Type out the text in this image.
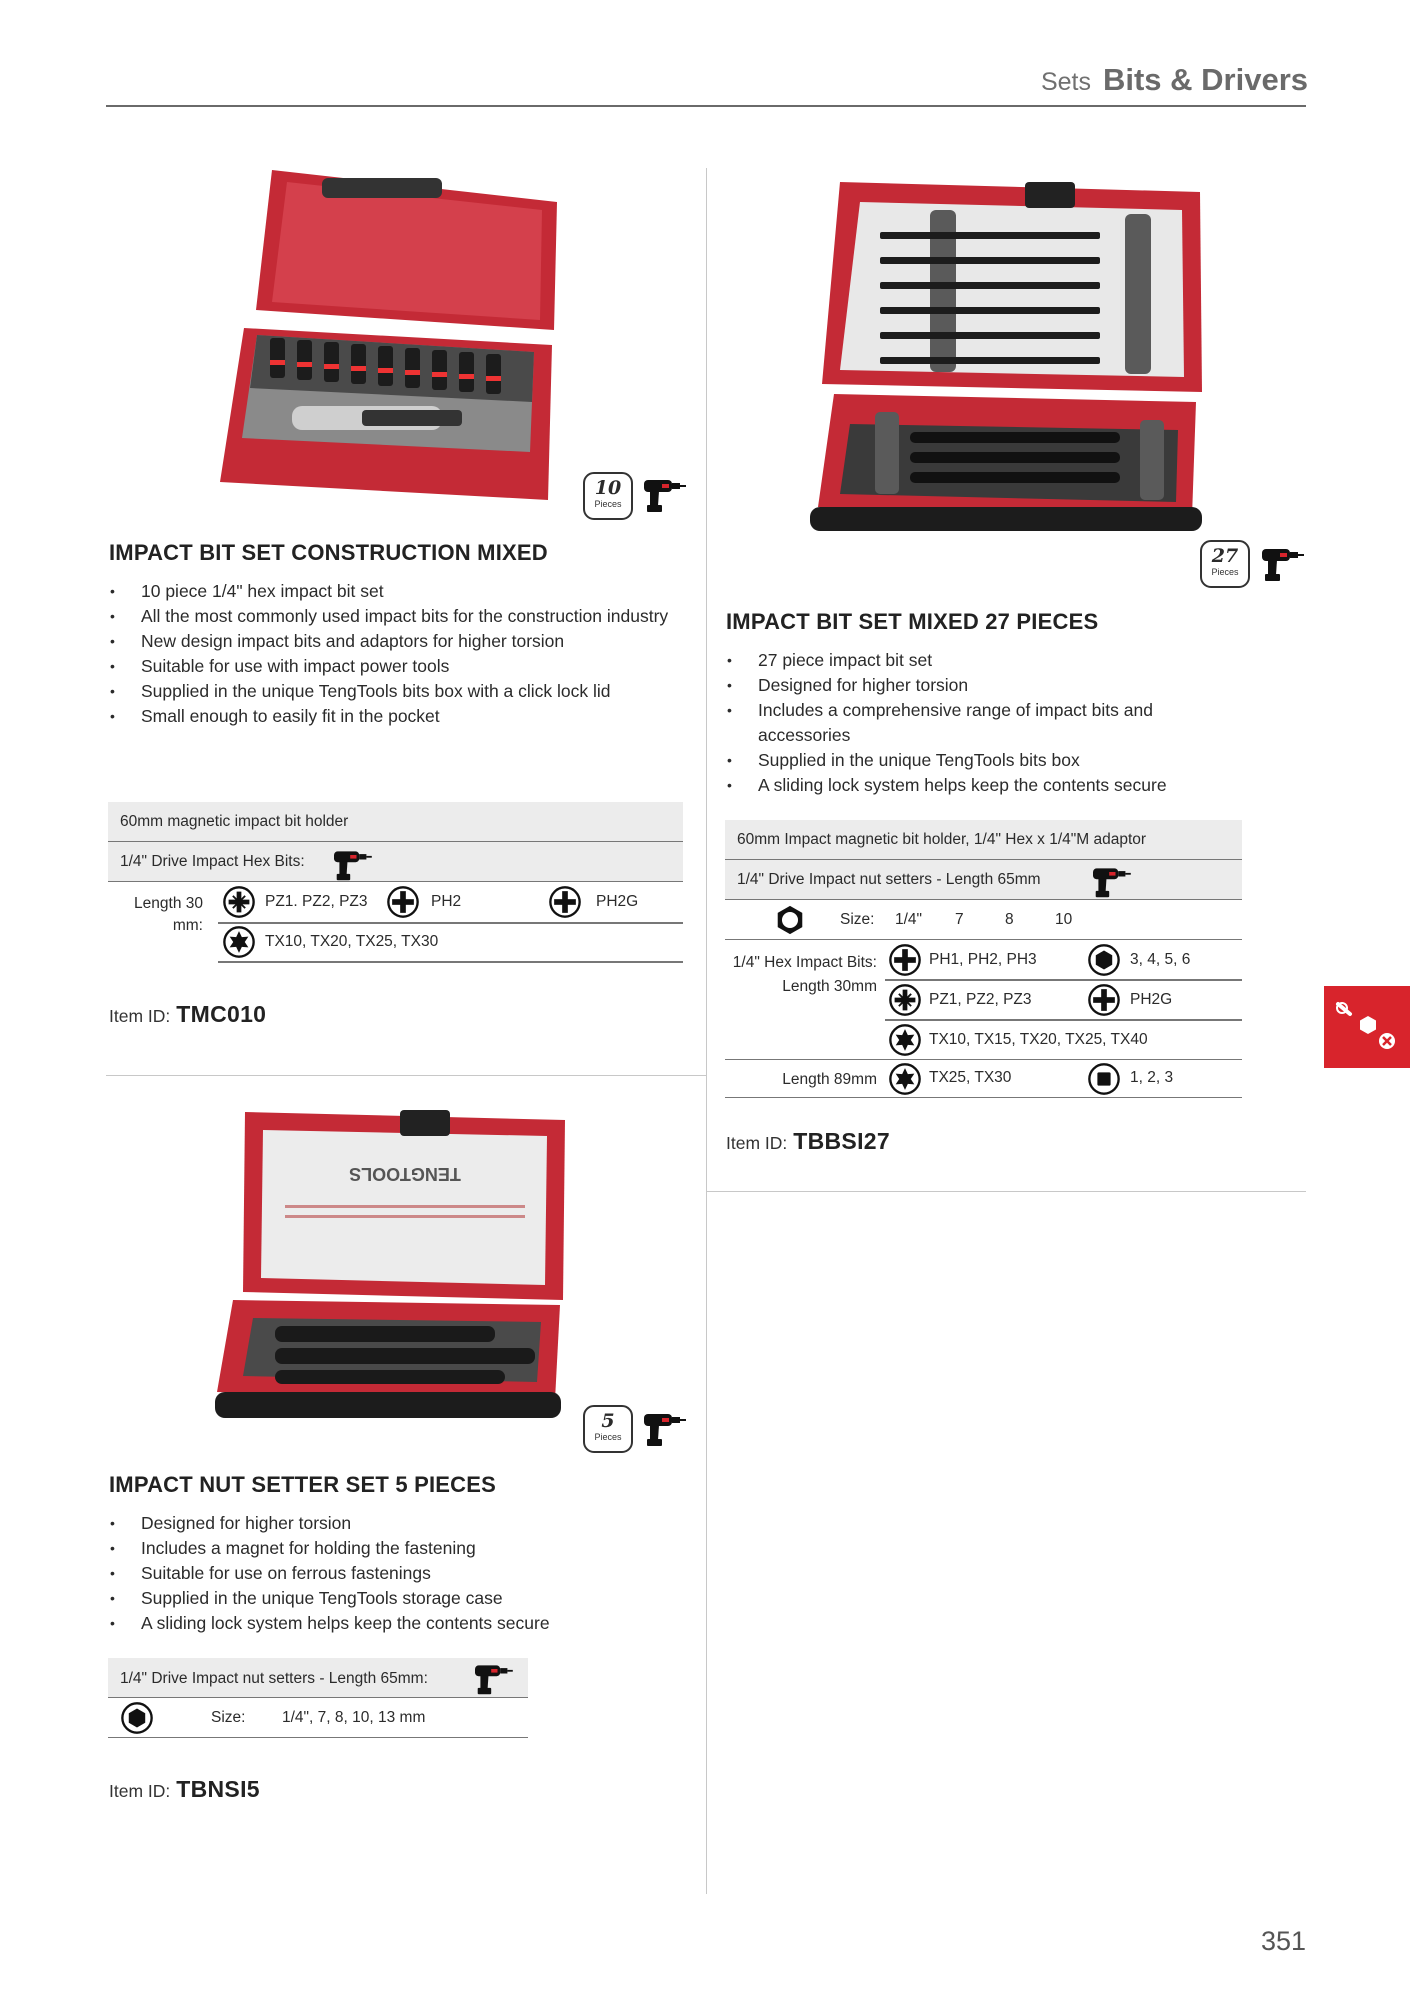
Sets Bits & Drivers
10
Pieces
IMPACT BIT SET CONSTRUCTION MIXED
• 10 piece 1/4" hex impact bit set
• All the most commonly used impact bits for the construction industry
• New design impact bits and adaptors for higher torsion
• Suitable for use with impact power tools
• Supplied in the unique TengTools bits box with a click lock lid
• Small enough to easily fit in the pocket
60mm magnetic impact bit holder
1/4" Drive Impact Hex Bits:
Length 30 mm:
PZ1. PZ2, PZ3	PH2	PH2G
TX10, TX20, TX25, TX30
Item ID: TMC010
27
Pieces
IMPACT BIT SET MIXED 27 PIECES
• 27 piece impact bit set
• Designed for higher torsion
• Includes a comprehensive range of impact bits and accessories
• Supplied in the unique TengTools bits box
• A sliding lock system helps keep the contents secure
60mm Impact magnetic bit holder, 1/4" Hex x 1/4"M adaptor
1/4" Drive Impact nut setters - Length 65mm
Size: 1/4" 7	8	10
1/4" Hex Impact Bits: Length 30mm
PH1, PH2, PH3	3, 4, 5, 6
PZ1, PZ2, PZ3	PH2G
TX10, TX15, TX20, TX25, TX40
Length 89mm	TX25, TX30	1, 2, 3
Item ID: TBBSI27
TENGTOOLS
5
Pieces
IMPACT NUT SETTER SET 5 PIECES
• Designed for higher torsion
• Includes a magnet for holding the fastening
• Suitable for use on ferrous fastenings
• Supplied in the unique TengTools storage case
• A sliding lock system helps keep the contents secure
1/4" Drive Impact nut setters - Length 65mm:
Size: 1/4", 7, 8, 10, 13 mm
Item ID: TBNSI5
351
